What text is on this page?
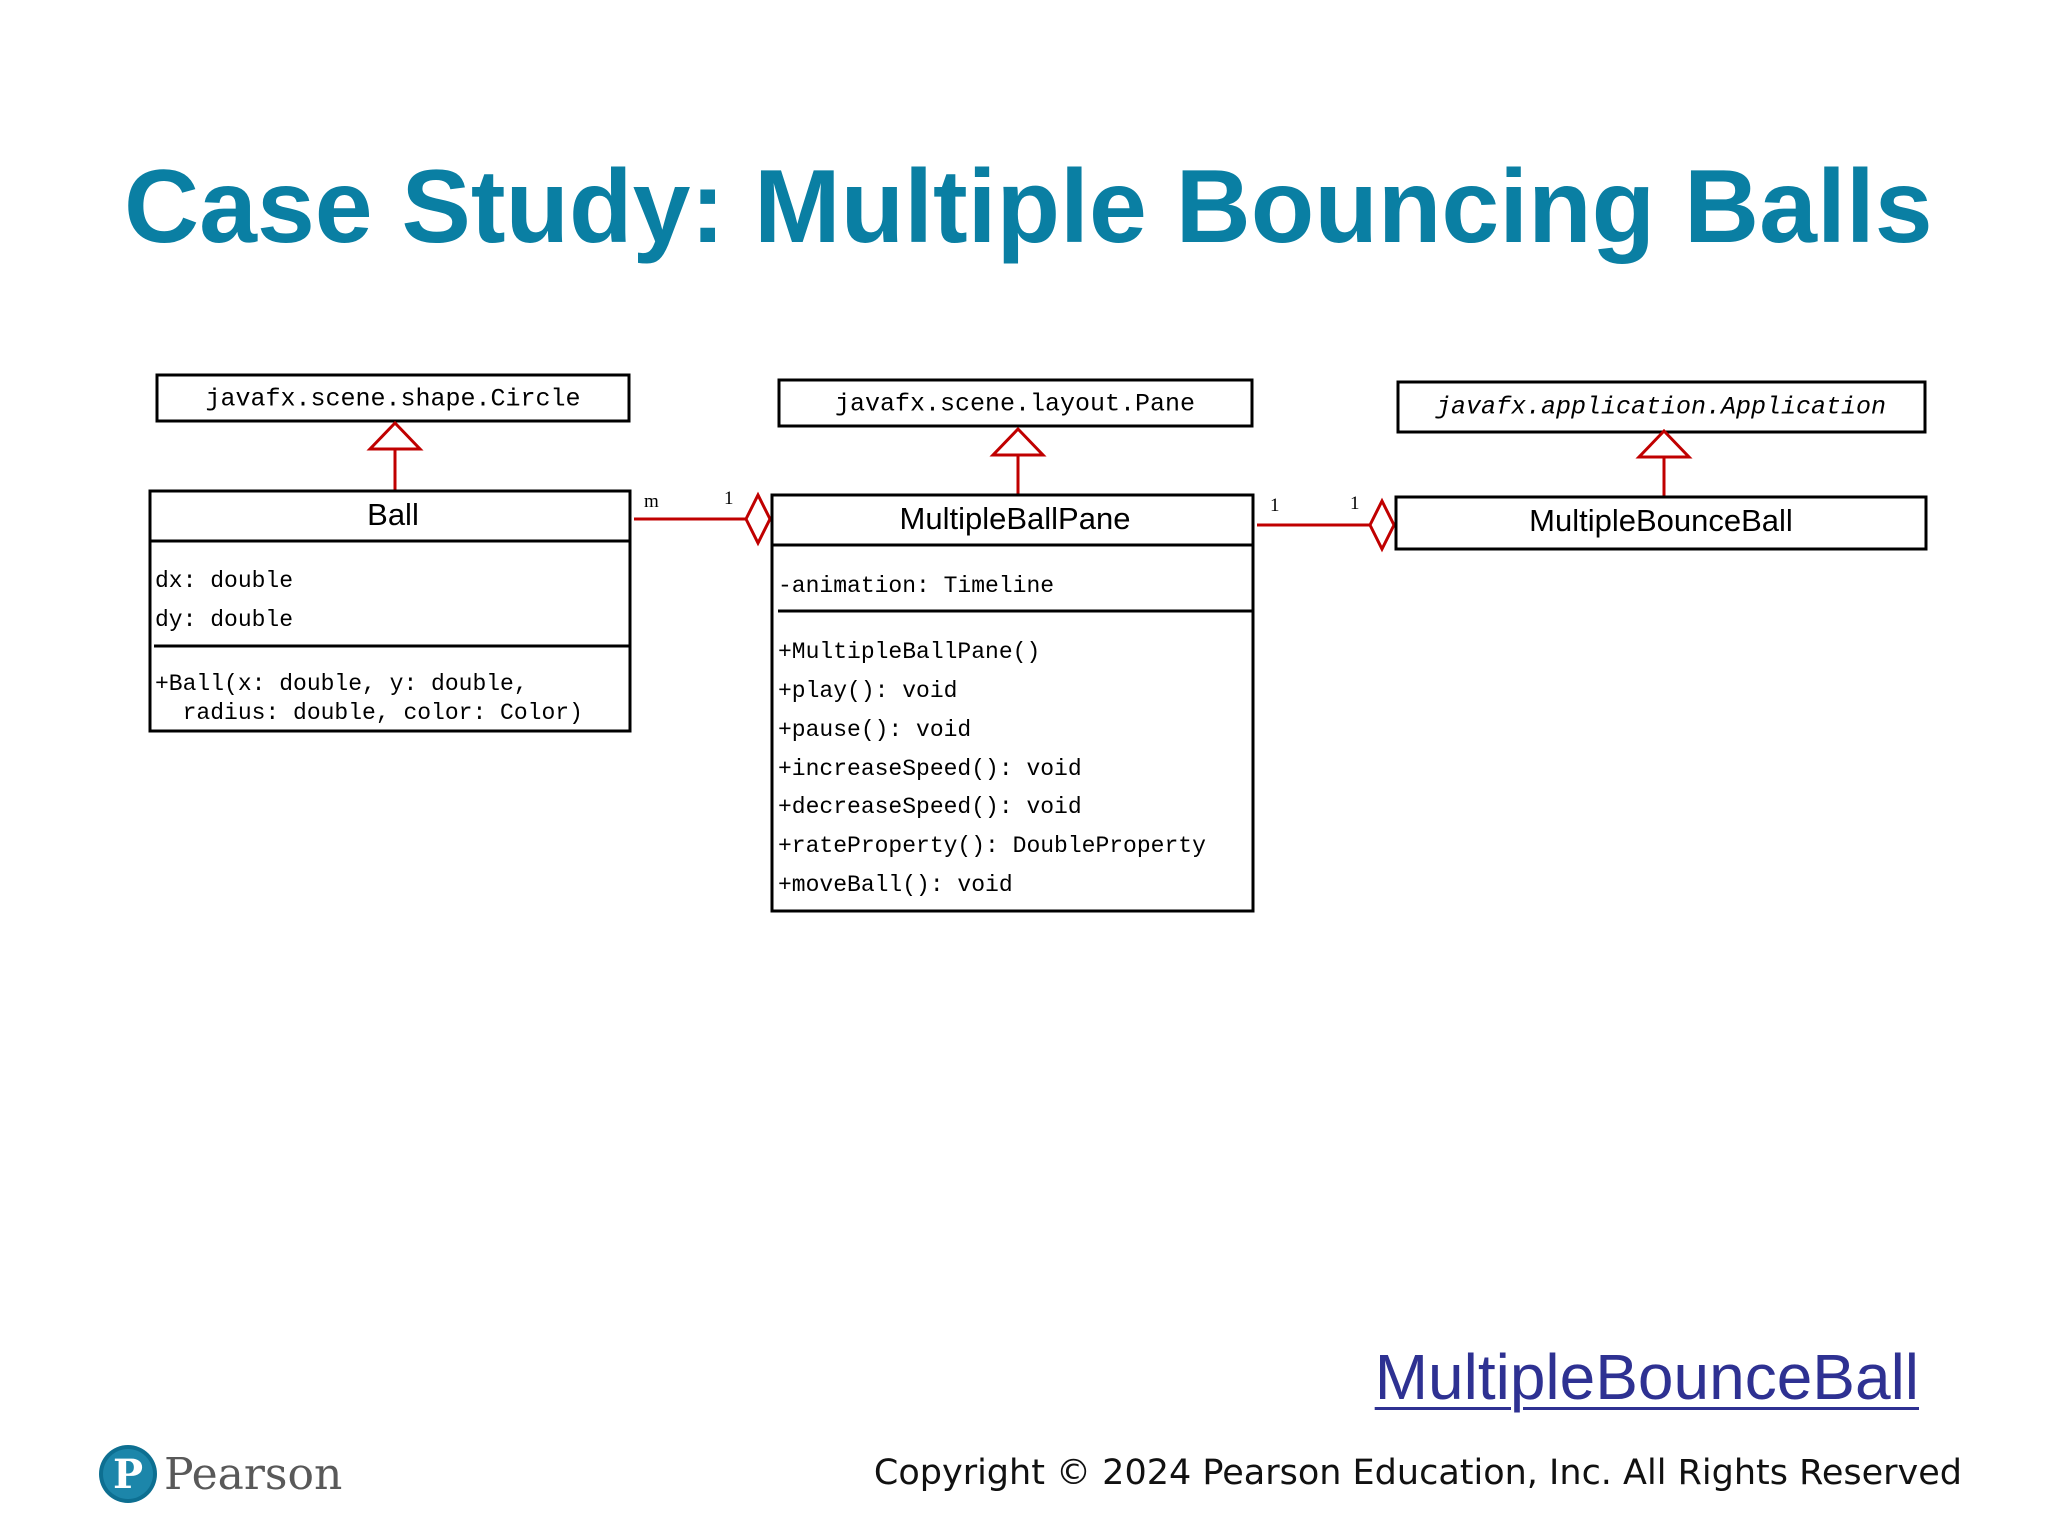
Case Study: Multiple Bouncing Balls
javafx.scene.shape.Circle
Ball
dx: double
dy: double
+Ball(x: double, y: double,
radius: double, color: Color)
m	1
javafx.scene.layout.Pane
MultipleBallPane
-animation: Timeline
+MultipleBallPane()
+play(): void
+pause(): void
+increaseSpeed(): void
+decreaseSpeed(): void
+rateProperty(): DoubleProperty
+moveBall(): void
1	1
javafx.application.Application
MultipleBounceBall
MultipleBounceBall
Copyright © 2024 Pearson Education, Inc. All Rights Reserved
P Pearson
